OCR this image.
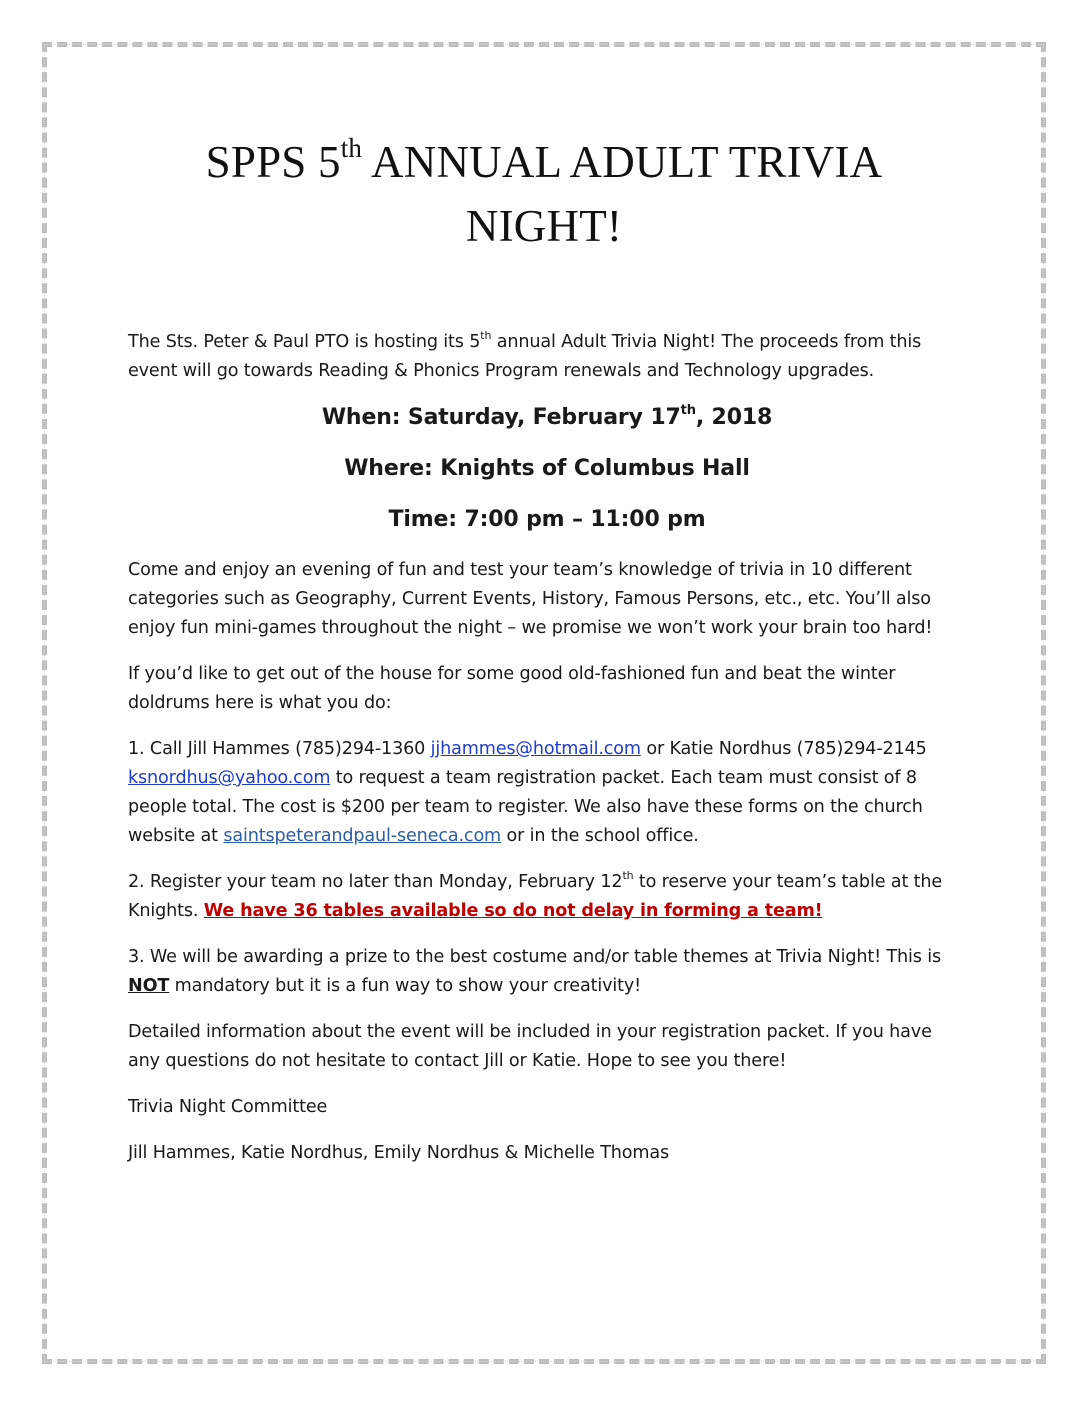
SPPS 5th ANNUAL ADULT TRIVIA
NIGHT!

The Sts. Peter & Paul PTO is hosting its 5th annual Adult Trivia Night! The proceeds from this event will go towards Reading & Phonics Program renewals and Technology upgrades.

When: Saturday, February 17th, 2018

Where: Knights of Columbus Hall

Time: 7:00 pm – 11:00 pm

Come and enjoy an evening of fun and test your team’s knowledge of trivia in 10 different categories such as Geography, Current Events, History, Famous Persons, etc., etc. You’ll also enjoy fun mini-games throughout the night – we promise we won’t work your brain too hard!

If you’d like to get out of the house for some good old-fashioned fun and beat the winter doldrums here is what you do:

1. Call Jill Hammes (785)294-1360 jjhammes@hotmail.com or Katie Nordhus (785)294-2145 ksnordhus@yahoo.com to request a team registration packet. Each team must consist of 8 people total. The cost is $200 per team to register. We also have these forms on the church website at saintspeterandpaul-seneca.com or in the school office.

2. Register your team no later than Monday, February 12th to reserve your team’s table at the Knights. We have 36 tables available so do not delay in forming a team!

3. We will be awarding a prize to the best costume and/or table themes at Trivia Night! This is NOT mandatory but it is a fun way to show your creativity!

Detailed information about the event will be included in your registration packet. If you have any questions do not hesitate to contact Jill or Katie. Hope to see you there!

Trivia Night Committee

Jill Hammes, Katie Nordhus, Emily Nordhus & Michelle Thomas
